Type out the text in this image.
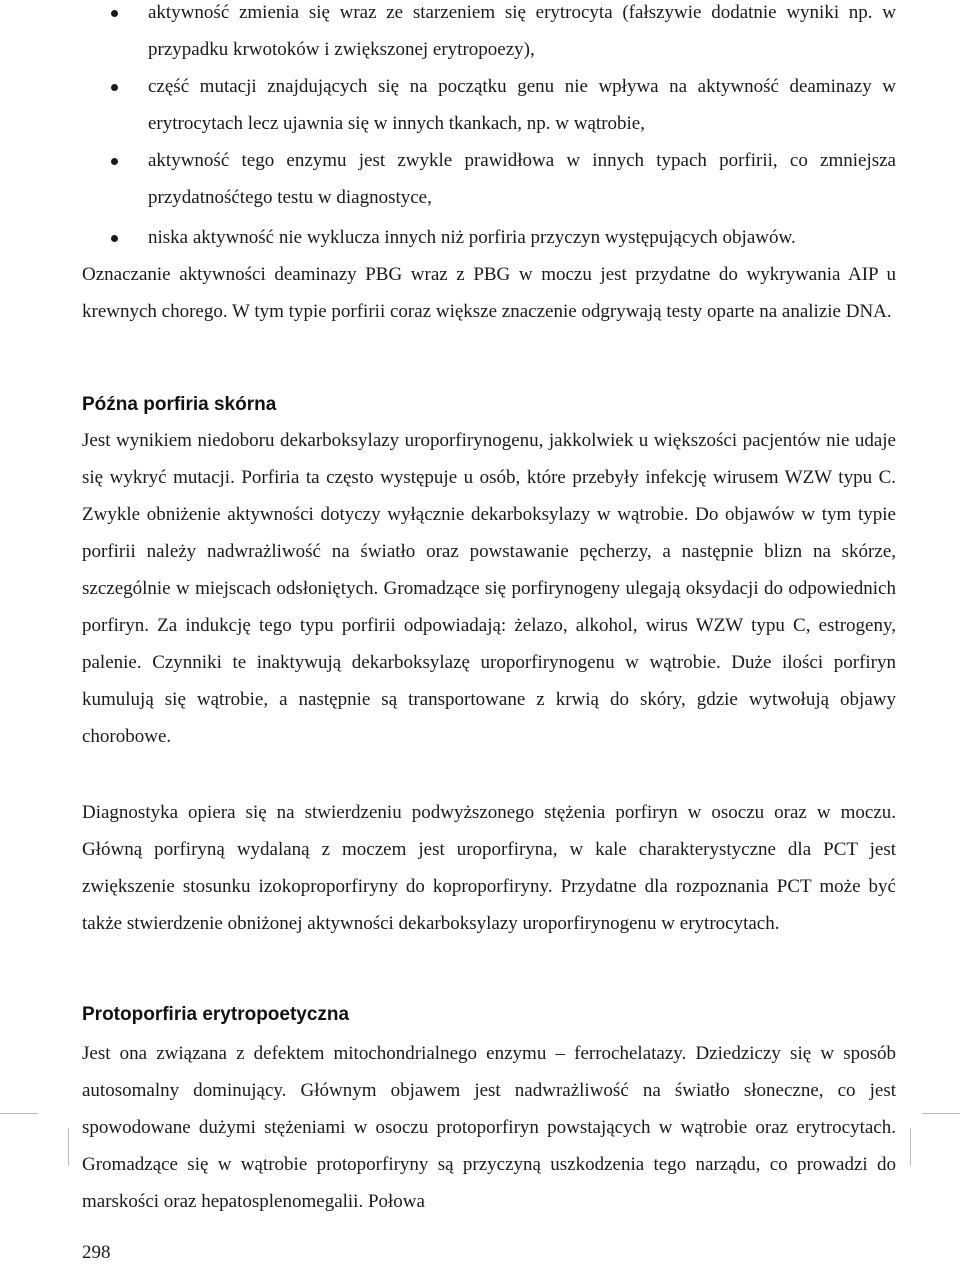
aktywność zmienia się wraz ze starzeniem się erytrocyta (fałszywie dodatnie wyniki np. w przypadku krwotoków i zwiększonej erytropoezy),
część mutacji znajdujących się na początku genu nie wpływa na aktywność deaminazy w erytrocytach lecz ujawnia się w innych tkankach, np. w wątrobie,
aktywność tego enzymu jest zwykle prawidłowa w innych typach porfirii, co zmniejsza przydatnośćtego testu w diagnostyce,
niska aktywność nie wyklucza innych niż porfiria przyczyn występujących objawów.

Oznaczanie aktywności deaminazy PBG wraz z PBG w moczu jest przydatne do wykrywania AIP u krewnych chorego. W tym typie porfirii coraz większe znaczenie odgrywają testy oparte na analizie DNA.

Późna porfiria skórna

Jest wynikiem niedoboru dekarboksylazy uroporfirynogenu, jakkolwiek u większości pacjentów nie udaje się wykryć mutacji. Porfiria ta często występuje u osób, które przebyły infekcję wirusem WZW typu C. Zwykle obniżenie aktywności dotyczy wyłącznie dekarboksylazy w wątrobie. Do objawów w tym typie porfirii należy nadwrażliwość na światło oraz powstawanie pęcherzy, a następnie blizn na skórze, szczególnie w miejscach odsłoniętych. Gromadzące się porfirynogeny ulegają oksydacji do odpowiednich porfiryn. Za indukcję tego typu porfirii odpowiadają: żelazo, alkohol, wirus WZW typu C, estrogeny, palenie. Czynniki te inaktywują dekarboksylazę uroporfirynogenu w wątrobie. Duże ilości porfiryn kumulują się wątrobie, a następnie są transportowane z krwią do skóry, gdzie wytwołują objawy chorobowe.

Diagnostyka opiera się na stwierdzeniu podwyższonego stężenia porfiryn w osoczu oraz w moczu. Główną porfiryną wydalaną z moczem jest uroporfiryna, w kale charakterystyczne dla PCT jest zwiększenie stosunku izokoproporfiryny do koproporfiryny. Przydatne dla rozpoznania PCT może być także stwierdzenie obniżonej aktywności dekarboksylazy uroporfirynogenu w erytrocytach.

Protoporfiria erytropoetyczna

Jest ona związana z defektem mitochondrialnego enzymu – ferrochelatazy. Dziedziczy się w sposób autosomalny dominujący. Głównym objawem jest nadwrażliwość na światło słoneczne, co jest spowodowane dużymi stężeniami w osoczu protoporfiryn powstających w wątrobie oraz erytrocytach. Gromadzące się w wątrobie protoporfiryny są przyczyną uszkodzenia tego narządu, co prowadzi do marskości oraz hepatosplenomegalii. Połowa

298
